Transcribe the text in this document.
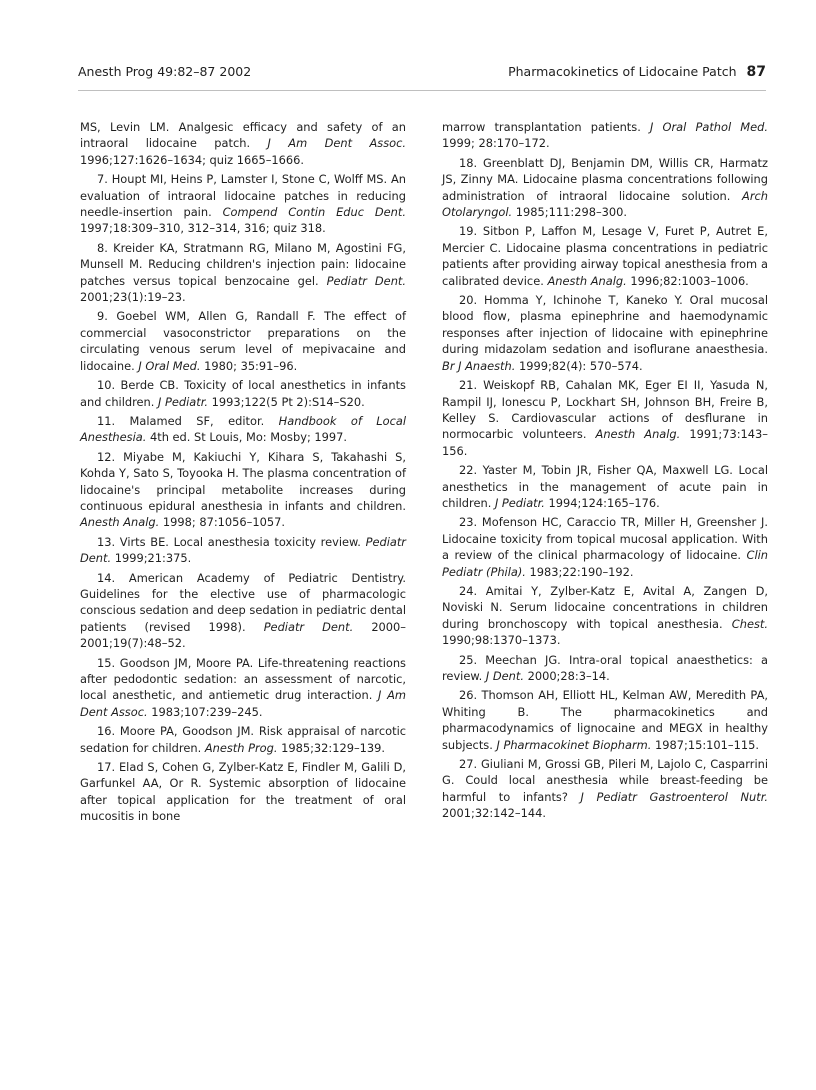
Anesth Prog 49:82–87 2002	Pharmacokinetics of Lidocaine Patch 87

MS, Levin LM. Analgesic efficacy and safety of an intraoral lidocaine patch. J Am Dent Assoc. 1996;127:1626–1634; quiz 1665–1666.

7. Houpt MI, Heins P, Lamster I, Stone C, Wolff MS. An evaluation of intraoral lidocaine patches in reducing needle-insertion pain. Compend Contin Educ Dent. 1997;18:309–310, 312–314, 316; quiz 318.

8. Kreider KA, Stratmann RG, Milano M, Agostini FG, Munsell M. Reducing children's injection pain: lidocaine patches versus topical benzocaine gel. Pediatr Dent. 2001;23(1):19–23.

9. Goebel WM, Allen G, Randall F. The effect of commercial vasoconstrictor preparations on the circulating venous serum level of mepivacaine and lidocaine. J Oral Med. 1980; 35:91–96.

10. Berde CB. Toxicity of local anesthetics in infants and children. J Pediatr. 1993;122(5 Pt 2):S14–S20.

11. Malamed SF, editor. Handbook of Local Anesthesia. 4th ed. St Louis, Mo: Mosby; 1997.

12. Miyabe M, Kakiuchi Y, Kihara S, Takahashi S, Kohda Y, Sato S, Toyooka H. The plasma concentration of lidocaine's principal metabolite increases during continuous epidural anesthesia in infants and children. Anesth Analg. 1998; 87:1056–1057.

13. Virts BE. Local anesthesia toxicity review. Pediatr Dent. 1999;21:375.

14. American Academy of Pediatric Dentistry. Guidelines for the elective use of pharmacologic conscious sedation and deep sedation in pediatric dental patients (revised 1998). Pediatr Dent. 2000–2001;19(7):48–52.

15. Goodson JM, Moore PA. Life-threatening reactions after pedodontic sedation: an assessment of narcotic, local anesthetic, and antiemetic drug interaction. J Am Dent Assoc. 1983;107:239–245.

16. Moore PA, Goodson JM. Risk appraisal of narcotic sedation for children. Anesth Prog. 1985;32:129–139.

17. Elad S, Cohen G, Zylber-Katz E, Findler M, Galili D, Garfunkel AA, Or R. Systemic absorption of lidocaine after topical application for the treatment of oral mucositis in bone

marrow transplantation patients. J Oral Pathol Med. 1999; 28:170–172.

18. Greenblatt DJ, Benjamin DM, Willis CR, Harmatz JS, Zinny MA. Lidocaine plasma concentrations following administration of intraoral lidocaine solution. Arch Otolaryngol. 1985;111:298–300.

19. Sitbon P, Laffon M, Lesage V, Furet P, Autret E, Mercier C. Lidocaine plasma concentrations in pediatric patients after providing airway topical anesthesia from a calibrated device. Anesth Analg. 1996;82:1003–1006.

20. Homma Y, Ichinohe T, Kaneko Y. Oral mucosal blood flow, plasma epinephrine and haemodynamic responses after injection of lidocaine with epinephrine during midazolam sedation and isoflurane anaesthesia. Br J Anaesth. 1999;82(4): 570–574.

21. Weiskopf RB, Cahalan MK, Eger EI II, Yasuda N, Rampil IJ, Ionescu P, Lockhart SH, Johnson BH, Freire B, Kelley S. Cardiovascular actions of desflurane in normocarbic volunteers. Anesth Analg. 1991;73:143–156.

22. Yaster M, Tobin JR, Fisher QA, Maxwell LG. Local anesthetics in the management of acute pain in children. J Pediatr. 1994;124:165–176.

23. Mofenson HC, Caraccio TR, Miller H, Greensher J. Lidocaine toxicity from topical mucosal application. With a review of the clinical pharmacology of lidocaine. Clin Pediatr (Phila). 1983;22:190–192.

24. Amitai Y, Zylber-Katz E, Avital A, Zangen D, Noviski N. Serum lidocaine concentrations in children during bronchoscopy with topical anesthesia. Chest. 1990;98:1370–1373.

25. Meechan JG. Intra-oral topical anaesthetics: a review. J Dent. 2000;28:3–14.

26. Thomson AH, Elliott HL, Kelman AW, Meredith PA, Whiting B. The pharmacokinetics and pharmacodynamics of lignocaine and MEGX in healthy subjects. J Pharmacokinet Biopharm. 1987;15:101–115.

27. Giuliani M, Grossi GB, Pileri M, Lajolo C, Casparrini G. Could local anesthesia while breast-feeding be harmful to infants? J Pediatr Gastroenterol Nutr. 2001;32:142–144.
